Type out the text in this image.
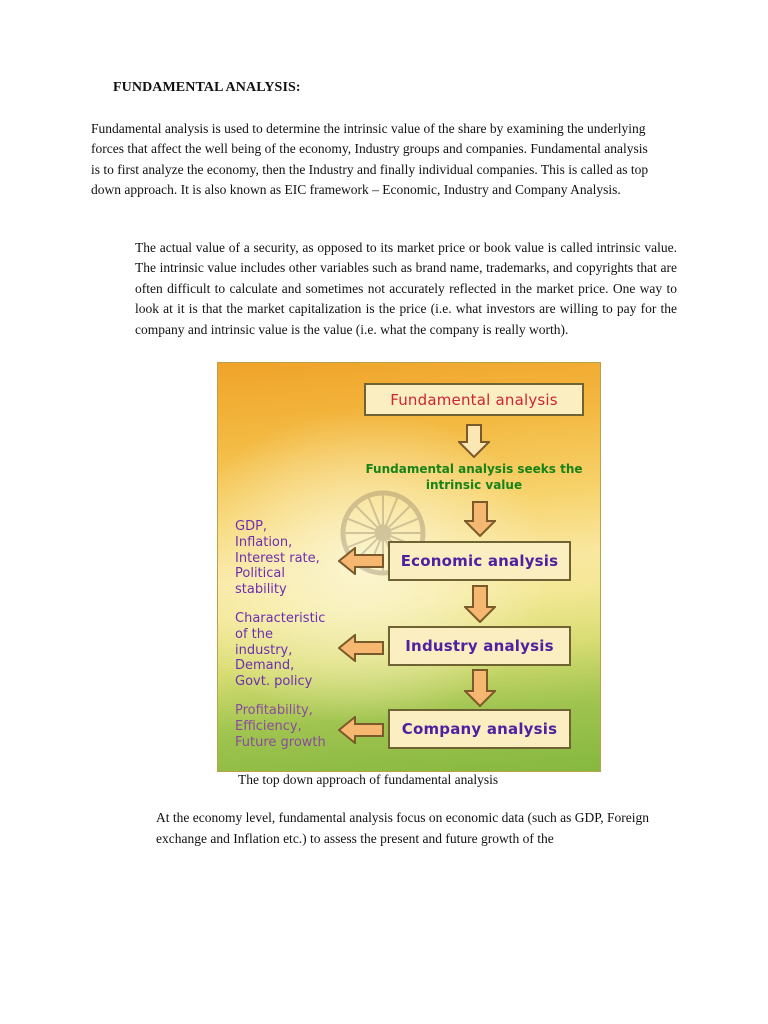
FUNDAMENTAL ANALYSIS:
Fundamental analysis is used to determine the intrinsic value of the share by examining the underlying forces that affect the well being of the economy, Industry groups and companies. Fundamental analysis is to first analyze the economy, then the Industry and finally individual companies. This is called as top down approach. It is also known as EIC framework – Economic, Industry and Company Analysis.
The actual value of a security, as opposed to its market price or book value is called intrinsic value. The intrinsic value includes other variables such as brand name, trademarks, and copyrights that are often difficult to calculate and sometimes not accurately reflected in the market price. One way to look at it is that the market capitalization is the price (i.e. what investors are willing to pay for the company and intrinsic value is the value (i.e. what the company is really worth).
Fundamental analysis
Fundamental analysis seeks the intrinsic value
Economic analysis
GDP,
Inflation,
Interest rate,
Political
stability
Industry analysis
Characteristic
of the
industry,
Demand,
Govt. policy
Company analysis
Profitability,
Efficiency,
Future growth
The top down approach of fundamental analysis
At the economy level, fundamental analysis focus on economic data (such as GDP, Foreign exchange and Inflation etc.) to assess the present and future growth of the
